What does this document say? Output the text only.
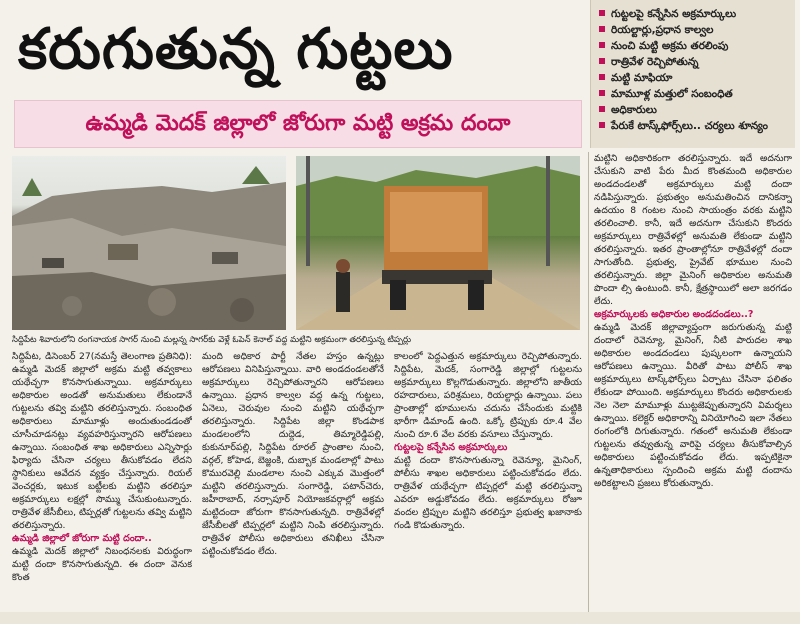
కరుగుతున్న గుట్టలు
ఉమ్మడి మెదక్ జిల్లాలో జోరుగా మట్టి అక్రమ దందా
గుట్టలపై కన్నేసిన అక్రమార్కులు
రియల్టార్లు,ప్రధాన కాల్వల
నుంచి మట్టి అక్రమ తరలింపు
రాత్రివేళ రెచ్చిపోతున్న
మట్టి మాఫియా
మామూళ్ల మత్తులో సంబంధిత
అధికారులు
పేరుకే టాస్క్‌ఫోర్స్‌లు.. చర్యలు శూన్యం
సిద్దిపేట శివారులోని రంగనాయక సాగర్ నుంచి మల్లన్న సాగర్‌కు వెళ్లే ఓపెన్ కెనాల్ వద్ద మట్టిని అక్రమంగా తరలిస్తున్న టిప్పర్లు
సిద్దిపేట, డిసెంబర్ 27(నమస్తే తెలంగాణ ప్రతినిధి): ఉమ్మడి మెదక్ జిల్లాలో అక్రమ మట్టి తవ్వకాలు యథేచ్ఛగా కొనసాగుతున్నాయి. అక్రమార్కులు అధికారుల అండతో అనుమతులు లేకుండానే గుట్టలను తవ్వి మట్టిని తరలిస్తున్నారు. సంబంధిత అధికారులు మామూళ్లు అందుతుండడంతో చూసీచూడనట్లు వ్యవహరిస్తున్నారని ఆరోపణలు ఉన్నాయి. సంబంధిత శాఖ అధికారులు ఎన్నిసార్లు ఫిర్యాదు చేసినా చర్యలు తీసుకోవడం లేదని స్థానికులు ఆవేదన వ్యక్తం చేస్తున్నారు. రియల్ వెంచర్లకు, ఇటుక బట్టీలకు మట్టిని తరలిస్తూ అక్రమార్కులు లక్షల్లో సొమ్ము చేసుకుంటున్నారు. రాత్రివేళ జేసీబీలు, టిప్పర్లతో గుట్టలను తవ్వి మట్టిని తరలిస్తున్నారు.
ఉమ్మడి జిల్లాలో జోరుగా మట్టి దందా..
ఉమ్మడి మెదక్ జిల్లాలో నిబంధనలకు విరుద్ధంగా మట్టి దందా కొనసాగుతున్నది. ఈ దందా వెనుక కొంత
మంది అధికార పార్టీ నేతల హస్తం ఉన్నట్లు ఆరోపణలు వినిపిస్తున్నాయి. వారి అండదండలతోనే అక్రమార్కులు రెచ్చిపోతున్నారని ఆరోపణలు ఉన్నాయి. ప్రధాన కాల్వల వద్ద ఉన్న గుట్టలు, ఏనెలు, చెరువుల నుంచి మట్టిని యథేచ్ఛగా తరలిస్తున్నారు. సిద్దిపేట జిల్లా కొండపాక మండలంలోని దుద్దెడ, తిమ్మారెడ్డిపల్లి, కుకునూర్‌పల్లి, సిద్దిపేట రూరల్ ప్రాంతాల నుంచి, వర్గల్, కోహెడ, బెజ్జంకి, దుబ్బాక మండలాల్లో పాటు కొమురవెల్లి మండలాల నుంచి ఎక్కువ మొత్తంలో మట్టిని తరలిస్తున్నారు. సంగారెడ్డి, పటాన్‌చెరు, జహీరాబాద్, నర్సాపూర్ నియోజకవర్గాల్లో అక్రమ మట్టిదందా జోరుగా కొనసాగుతున్నది. రాత్రివేళల్లో జేసీబీలతో టిప్పర్లలో మట్టిని నింపి తరలిస్తున్నారు. రాత్రివేళ పోలీసు అధికారులు తనిఖీలు చేసినా పట్టించుకోవడం లేదు.
కాలంలో పెద్దఎత్తున అక్రమార్కులు రెచ్చిపోతున్నారు. సిద్దిపేట, మెదక్, సంగారెడ్డి జిల్లాల్లో గుట్టలను అక్రమార్కులు కొల్లగొడుతున్నారు. జిల్లాలోని జాతీయ రహదారులు, పరిశ్రమలు, రియల్టార్లు ఉన్నాయి. పలు ప్రాంతాల్లో భూములను చదును చేసేందుకు మట్టికి భారీగా డిమాండ్ ఉంది. ఒక్కో ట్రిప్పుకు రూ.4 వేల నుంచి రూ.6 వేల వరకు వసూలు చేస్తున్నారు.
గుట్టలపై కన్నేసిన అక్రమార్కులు
మట్టి దందా కొనసాగుతున్నా రెవెన్యూ, మైనింగ్, పోలీసు శాఖల అధికారులు పట్టించుకోవడం లేదు. రాత్రివేళ యథేచ్ఛగా టిప్పర్లలో మట్టి తరలిస్తున్నా ఎవరూ అడ్డుకోవడం లేదు. అక్రమార్కులు రోజూ వందల ట్రిప్పుల మట్టిని తరలిస్తూ ప్రభుత్వ ఖజానాకు గండి కొడుతున్నారు.
మట్టిని అధికారికంగా తరలిస్తున్నారు. ఇదే అదనుగా చేసుకుని వాటి పేరు మీద కొంతమంది అధికారుల అండదండలతో అక్రమార్కులు మట్టి దందా నడిపిస్తున్నారు. ప్రభుత్వం అనుమతించిన దానికన్నా ఉదయం 8 గంటల నుంచి సాయంత్రం వరకు మట్టిని తరలించాలి. కానీ, ఇదే అదనుగా చేసుకుని కొందరు అక్రమార్కులు రాత్రివేళల్లో అనుమతి లేకుండా మట్టిని తరలిస్తున్నారు. ఇతర ప్రాంతాల్లోనూ రాత్రివేళల్లో దందా సాగుతోంది. ప్రభుత్వ, ప్రైవేట్ భూముల నుంచి తరలిస్తున్నారు. జిల్లా మైనింగ్ అధికారుల అనుమతి పొందా ల్సి ఉంటుంది. కానీ, క్షేత్రస్థాయిలో అలా జరగడం లేదు.
అక్రమార్కులకు అధికారుల అండదండలు..?
ఉమ్మడి మెదక్ జిల్లావ్యాప్తంగా జరుగుతున్న మట్టి దందాలో రెవెన్యూ, మైనింగ్, నీటి పారుదల శాఖ అధికారుల అండదండలు పుష్కలంగా ఉన్నాయని ఆరోపణలు ఉన్నాయి. వీరితో పాటు పోలీస్ శాఖ అక్రమార్కులు టాస్క్‌ఫోర్స్‌లు ఏర్పాటు చేసినా ఫలితం లేకుండా పోయింది. అక్రమార్కులు కొందరు అధికారులకు నెల నెలా మామూళ్లు ముట్టజెప్పుతున్నారని విమర్శలు ఉన్నాయి. కలెక్టర్ అధికారాన్ని వినియోగించి ఇలా నేతలు రంగంలోకి దిగుతున్నారు. గతంలో అనుమతి లేకుండా గుట్టలను తవ్వుతున్న వారిపై చర్యలు తీసుకోవాల్సిన అధికారులు పట్టించుకోవడం లేదు. ఇప్పటికైనా ఉన్నతాధికారులు స్పందించి అక్రమ మట్టి దందాను అరికట్టాలని ప్రజలు కోరుతున్నారు.
